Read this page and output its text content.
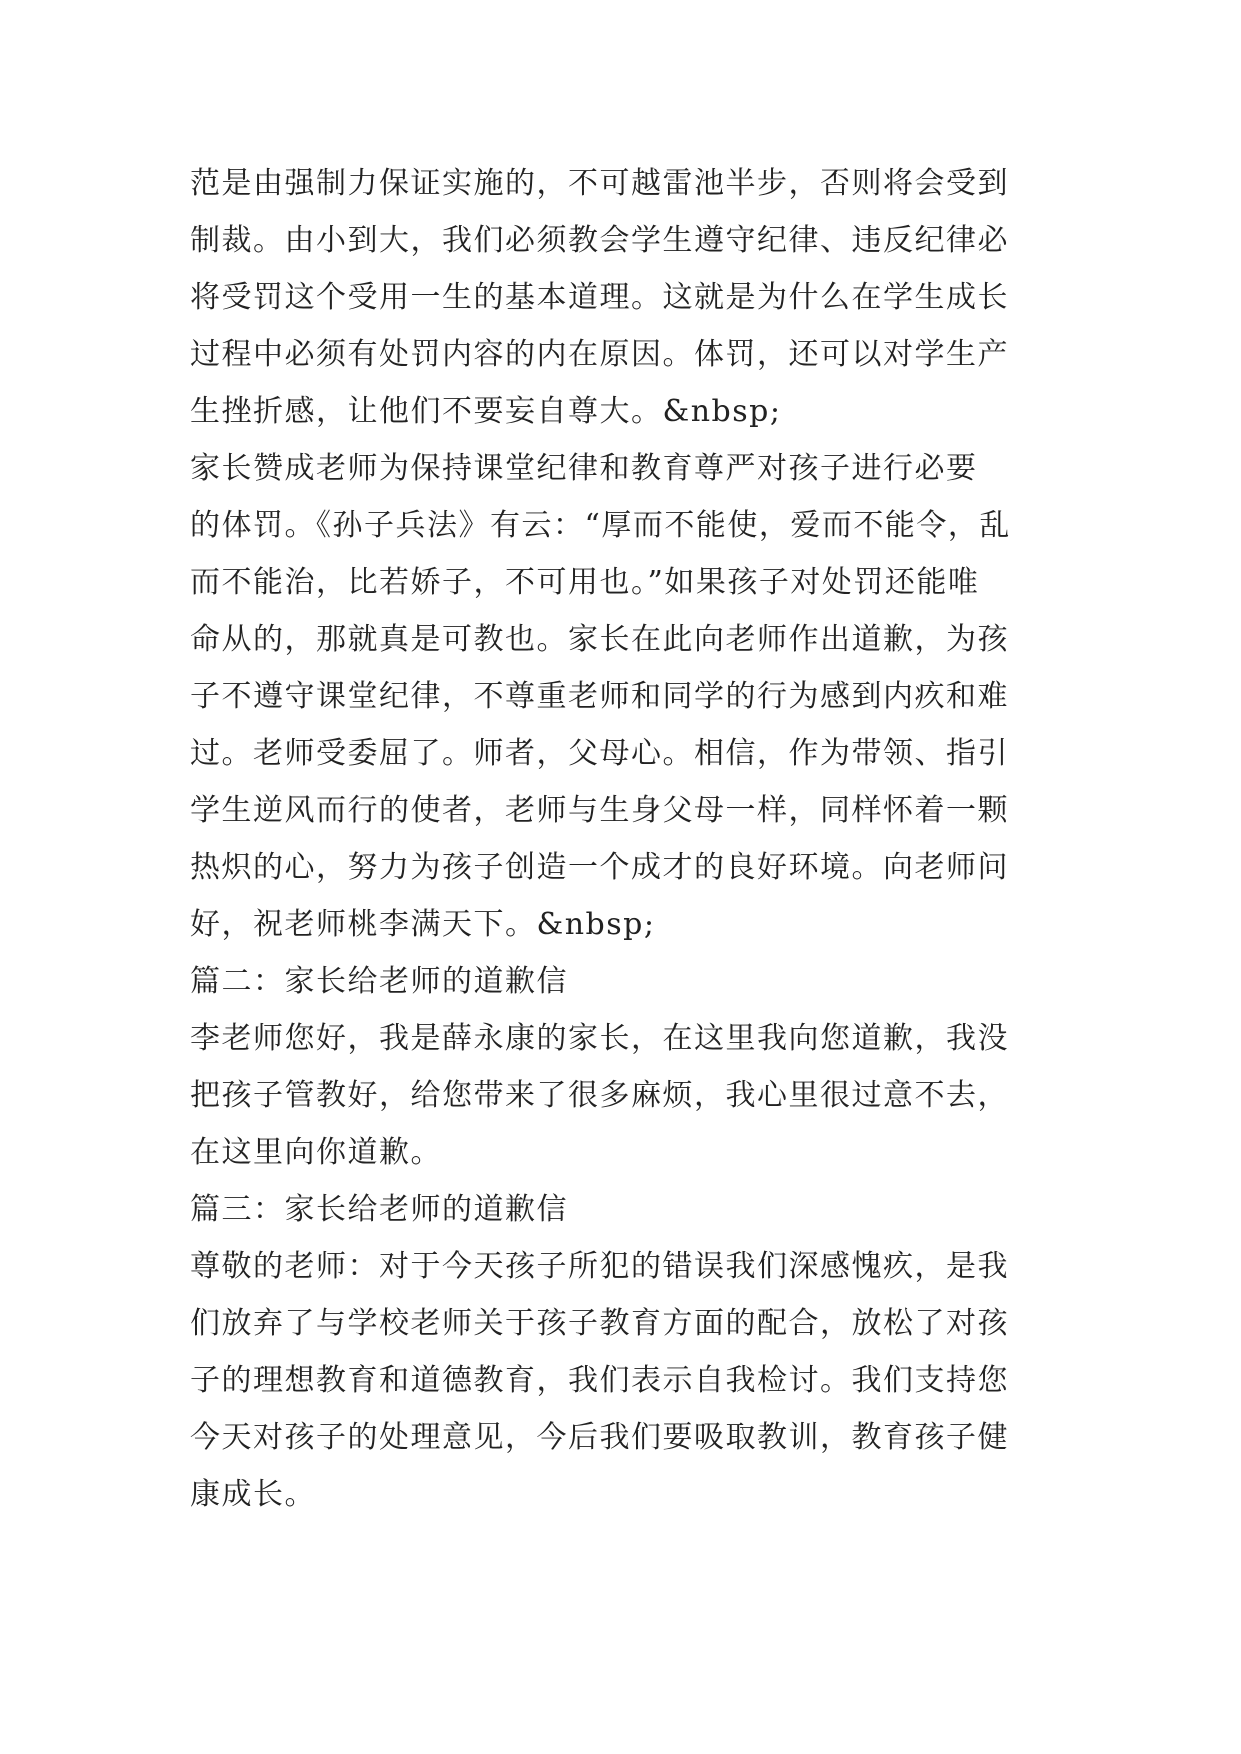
范是由强制力保证实施的，不可越雷池半步，否则将会受到
制裁。由小到大，我们必须教会学生遵守纪律、违反纪律必
将受罚这个受用一生的基本道理。这就是为什么在学生成长
过程中必须有处罚内容的内在原因。体罚，还可以对学生产
生挫折感，让他们不要妄自尊大。&nbsp;
家长赞成老师为保持课堂纪律和教育尊严对孩子进行必要
的体罚。《孙子兵法》有云：“厚而不能使，爱而不能令，乱
而不能治，比若娇子，不可用也。”如果孩子对处罚还能唯
命从的，那就真是可教也。家长在此向老师作出道歉，为孩
子不遵守课堂纪律，不尊重老师和同学的行为感到内疚和难
过。老师受委屈了。师者，父母心。相信，作为带领、指引
学生逆风而行的使者，老师与生身父母一样，同样怀着一颗
热炽的心，努力为孩子创造一个成才的良好环境。向老师问
好，祝老师桃李满天下。&nbsp;
篇二：家长给老师的道歉信
李老师您好，我是薛永康的家长，在这里我向您道歉，我没
把孩子管教好，给您带来了很多麻烦，我心里很过意不去，
在这里向你道歉。
篇三：家长给老师的道歉信
尊敬的老师：对于今天孩子所犯的错误我们深感愧疚，是我
们放弃了与学校老师关于孩子教育方面的配合，放松了对孩
子的理想教育和道德教育，我们表示自我检讨。我们支持您
今天对孩子的处理意见，今后我们要吸取教训，教育孩子健
康成长。
